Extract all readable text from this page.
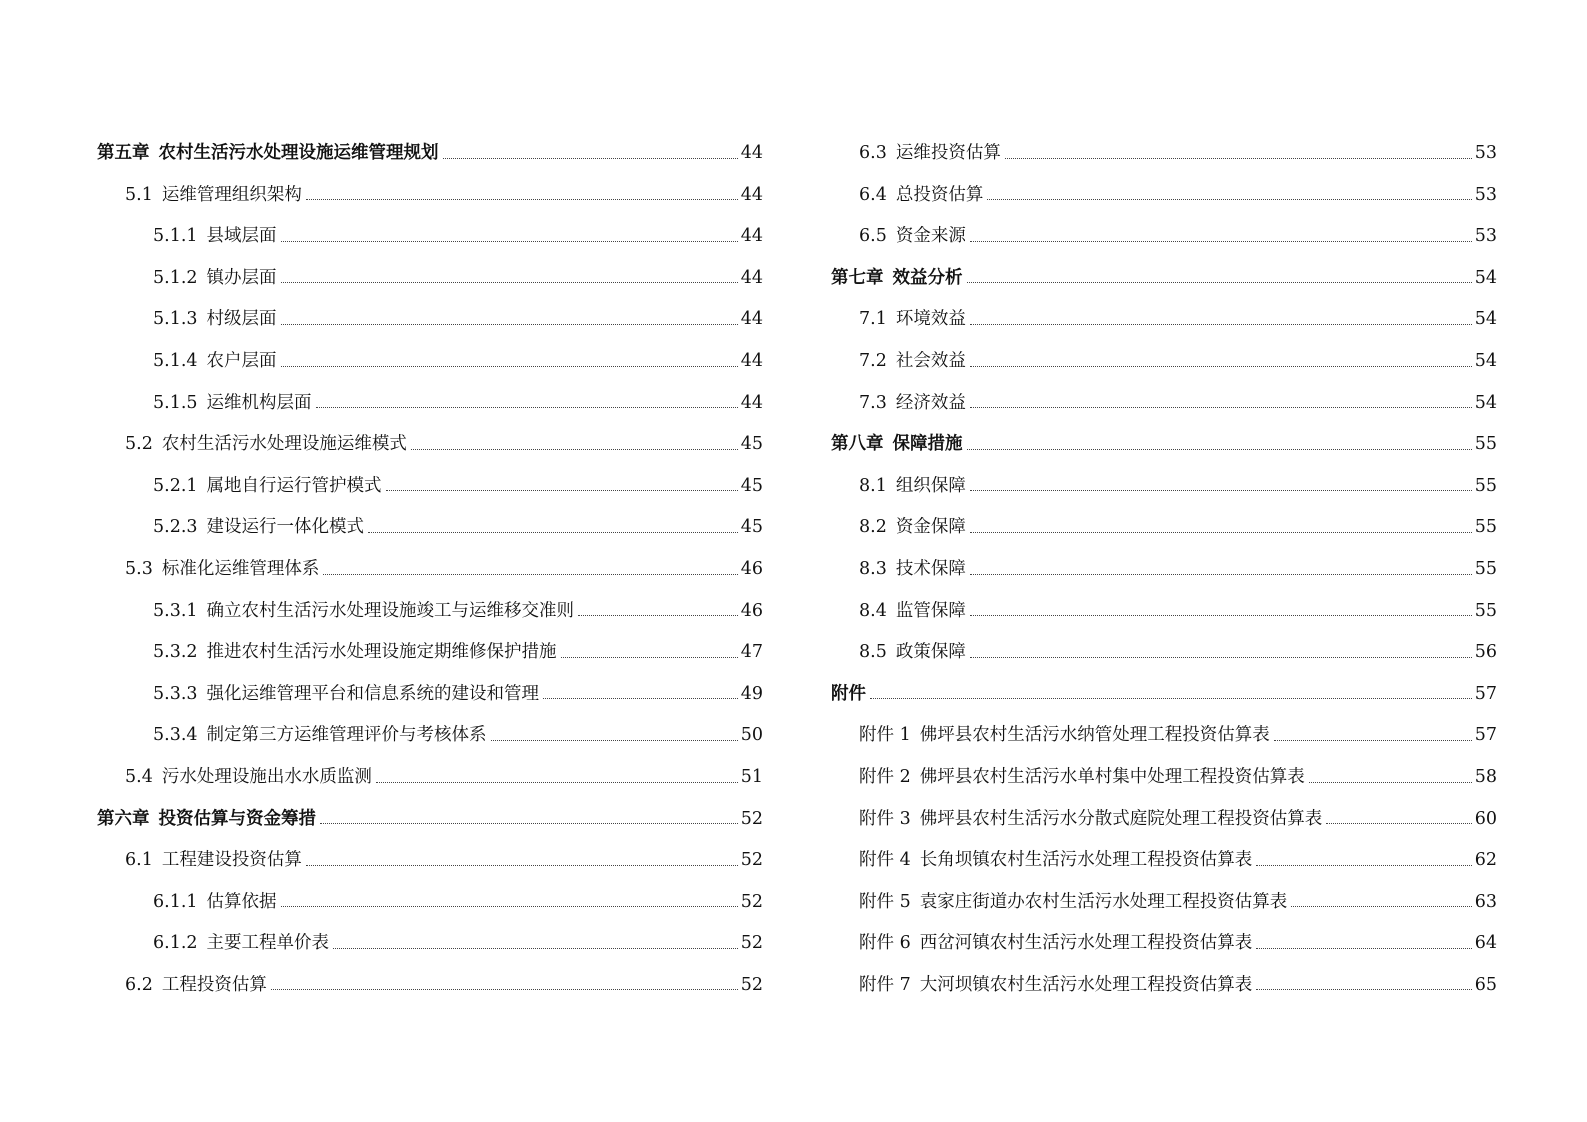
第五章 农村生活污水处理设施运维管理规划	44
5.1 运维管理组织架构	44
5.1.1 县域层面	44
5.1.2 镇办层面	44
5.1.3 村级层面	44
5.1.4 农户层面	44
5.1.5 运维机构层面	44
5.2 农村生活污水处理设施运维模式	45
5.2.1 属地自行运行管护模式	45
5.2.3 建设运行一体化模式	45
5.3 标准化运维管理体系	46
5.3.1 确立农村生活污水处理设施竣工与运维移交准则	46
5.3.2 推进农村生活污水处理设施定期维修保护措施	47
5.3.3 强化运维管理平台和信息系统的建设和管理	49
5.3.4 制定第三方运维管理评价与考核体系	50
5.4 污水处理设施出水水质监测	51
第六章 投资估算与资金筹措	52
6.1 工程建设投资估算	52
6.1.1 估算依据	52
6.1.2 主要工程单价表	52
6.2 工程投资估算	52
6.3 运维投资估算	53
6.4 总投资估算	53
6.5 资金来源	53
第七章 效益分析	54
7.1 环境效益	54
7.2 社会效益	54
7.3 经济效益	54
第八章 保障措施	55
8.1 组织保障	55
8.2 资金保障	55
8.3 技术保障	55
8.4 监管保障	55
8.5 政策保障	56
附件	57
附件 1 佛坪县农村生活污水纳管处理工程投资估算表	57
附件 2 佛坪县农村生活污水单村集中处理工程投资估算表	58
附件 3 佛坪县农村生活污水分散式庭院处理工程投资估算表	60
附件 4 长角坝镇农村生活污水处理工程投资估算表	62
附件 5 袁家庄街道办农村生活污水处理工程投资估算表	63
附件 6 西岔河镇农村生活污水处理工程投资估算表	64
附件 7 大河坝镇农村生活污水处理工程投资估算表	65
